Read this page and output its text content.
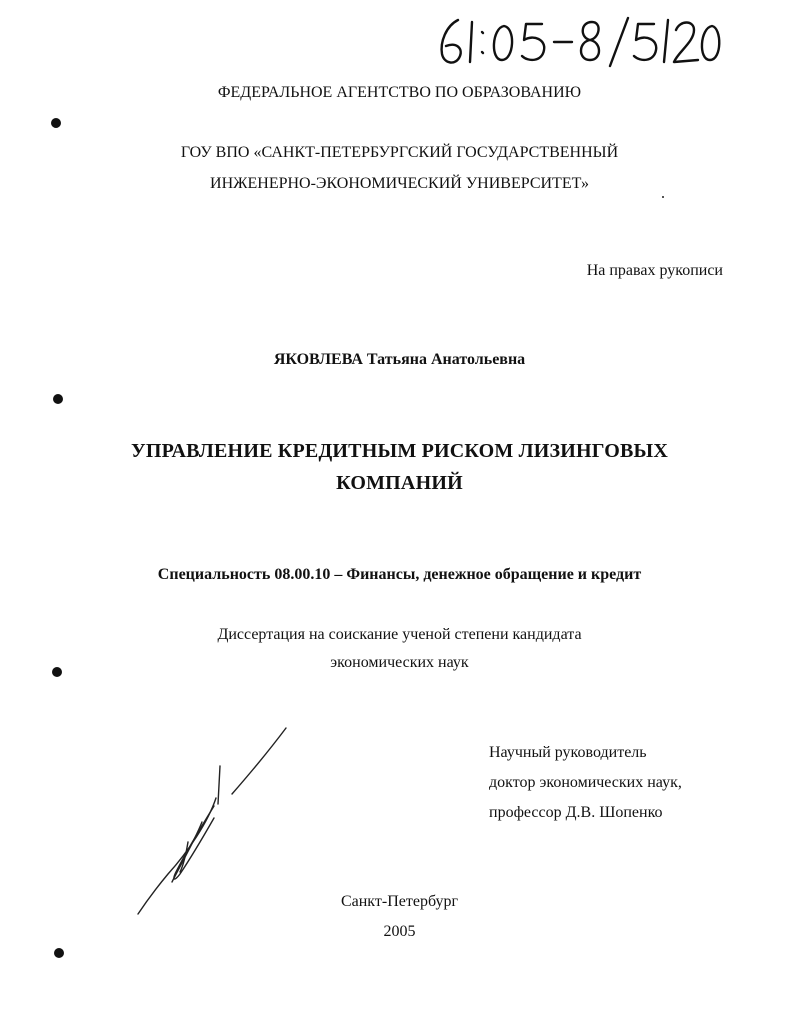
ФЕДЕРАЛЬНОЕ АГЕНТСТВО ПО ОБРАЗОВАНИЮ
ГОУ ВПО «САНКТ-ПЕТЕРБУРГСКИЙ ГОСУДАРСТВЕННЫЙ
ИНЖЕНЕРНО-ЭКОНОМИЧЕСКИЙ УНИВЕРСИТЕТ»
На правах рукописи
ЯКОВЛЕВА Татьяна Анатольевна
УПРАВЛЕНИЕ КРЕДИТНЫМ РИСКОМ ЛИЗИНГОВЫХ
КОМПАНИЙ
Специальность 08.00.10 – Финансы, денежное обращение и кредит
Диссертация на соискание ученой степени кандидата
экономических наук
Научный руководитель
доктор экономических наук,
профессор Д.В. Шопенко
Санкт-Петербург
2005
